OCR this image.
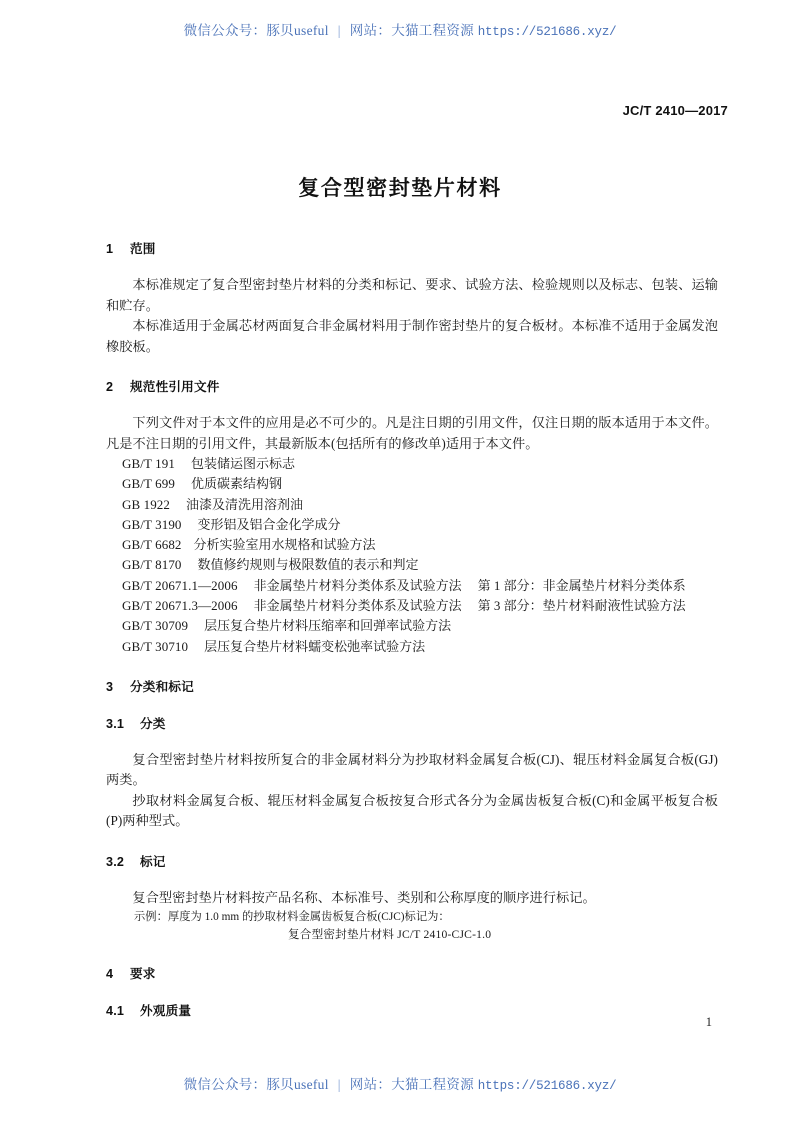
微信公众号：豚贝useful | 网站：大猫工程资源 https://521686.xyz/
JC/T 2410—2017
复合型密封垫片材料
1 范围

本标准规定了复合型密封垫片材料的分类和标记、要求、试验方法、检验规则以及标志、包装、运输和贮存。

本标准适用于金属芯材两面复合非金属材料用于制作密封垫片的复合板材。本标准不适用于金属发泡橡胶板。

2 规范性引用文件

下列文件对于本文件的应用是必不可少的。凡是注日期的引用文件，仅注日期的版本适用于本文件。凡是不注日期的引用文件，其最新版本(包括所有的修改单)适用于本文件。

GB/T 191 包装储运图示标志
GB/T 699 优质碳素结构钢
GB 1922 油漆及清洗用溶剂油
GB/T 3190 变形铝及铝合金化学成分
GB/T 6682 分析实验室用水规格和试验方法
GB/T 8170 数值修约规则与极限数值的表示和判定
GB/T 20671.1—2006 非金属垫片材料分类体系及试验方法 第 1 部分：非金属垫片材料分类体系
GB/T 20671.3—2006 非金属垫片材料分类体系及试验方法 第 3 部分：垫片材料耐液性试验方法
GB/T 30709 层压复合垫片材料压缩率和回弹率试验方法
GB/T 30710 层压复合垫片材料蠕变松弛率试验方法
3 分类和标记
3.1 分类

复合型密封垫片材料按所复合的非金属材料分为抄取材料金属复合板(CJ)、辊压材料金属复合板(GJ)两类。

抄取材料金属复合板、辊压材料金属复合板按复合形式各分为金属齿板复合板(C)和金属平板复合板(P)两种型式。

3.2 标记

复合型密封垫片材料按产品名称、本标准号、类别和公称厚度的顺序进行标记。

示例：厚度为 1.0 mm 的抄取材料金属齿板复合板(CJC)标记为：

复合型密封垫片材料 JC/T 2410-CJC-1.0

4 要求
4.1 外观质量
1
微信公众号：豚贝useful | 网站：大猫工程资源 https://521686.xyz/
